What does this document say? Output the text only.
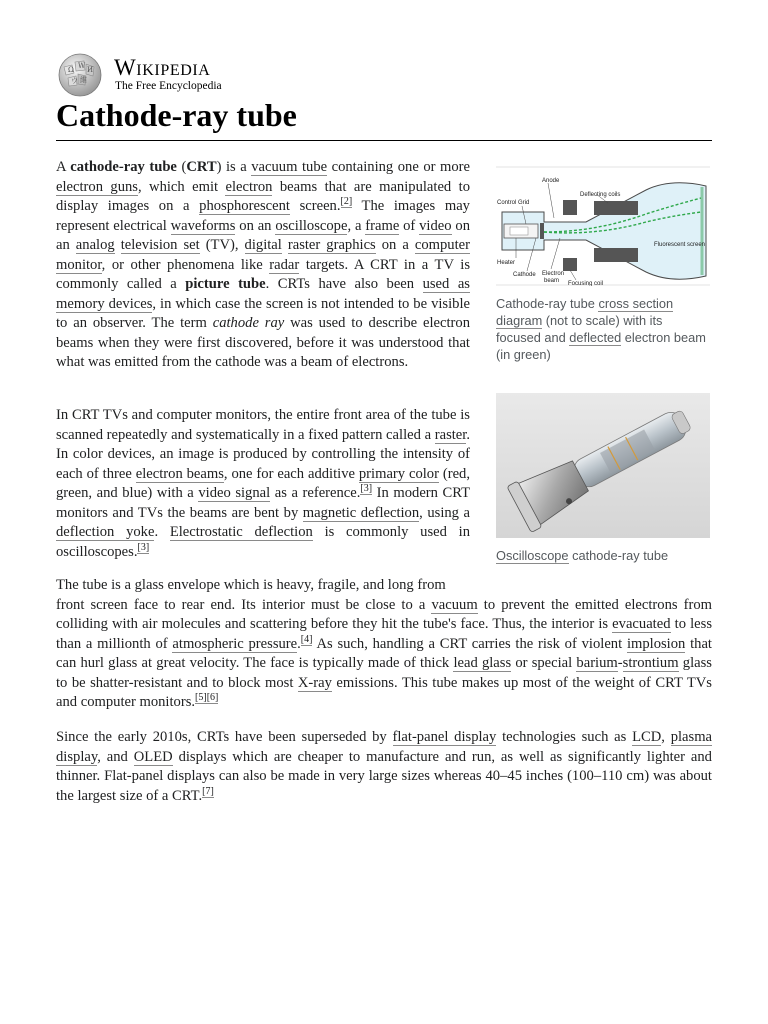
Ω W И
ウ 維 Wikipedia
The Free Encyclopedia
Cathode-ray tube
Anode
Deflecting coils
Control Grid
Fluorescent screen
Heater
Cathode Electron
beam Focusing coil

Cathode-ray tube cross section diagram (not to scale) with its focused and deflected electron beam (in green)

Oscilloscope cathode-ray tube

A cathode-ray tube (CRT) is a vacuum tube containing one or more electron guns, which emit electron beams that are manipulated to display images on a phosphorescent screen.[2] The images may represent electrical waveforms on an oscilloscope, a frame of video on an analog television set (TV), digital raster graphics on a computer monitor, or other phenomena like radar targets. A CRT in a TV is commonly called a picture tube. CRTs have also been used as memory devices, in which case the screen is not intended to be visible to an observer. The term cathode ray was used to describe electron beams when they were first discovered, before it was understood that what was emitted from the cathode was a beam of electrons.

In CRT TVs and computer monitors, the entire front area of the tube is scanned repeatedly and systematically in a fixed pattern called a raster. In color devices, an image is produced by controlling the intensity of each of three electron beams, one for each additive primary color (red, green, and blue) with a video signal as a reference.[3] In modern CRT monitors and TVs the beams are bent by magnetic deflection, using a deflection yoke. Electrostatic deflection is commonly used in oscilloscopes.[3]

The tube is a glass envelope which is heavy, fragile, and long from
front screen face to rear end. Its interior must be close to a vacuum to prevent the emitted electrons from colliding with air molecules and scattering before they hit the tube's face. Thus, the interior is evacuated to less than a millionth of atmospheric pressure.[4] As such, handling a CRT carries the risk of violent implosion that can hurl glass at great velocity. The face is typically made of thick lead glass or special barium-strontium glass to be shatter-resistant and to block most X-ray emissions. This tube makes up most of the weight of CRT TVs and computer monitors.[5][6]

Since the early 2010s, CRTs have been superseded by flat-panel display technologies such as LCD, plasma display, and OLED displays which are cheaper to manufacture and run, as well as significantly lighter and thinner. Flat-panel displays can also be made in very large sizes whereas 40–45 inches (100–110 cm) was about the largest size of a CRT.[7]
